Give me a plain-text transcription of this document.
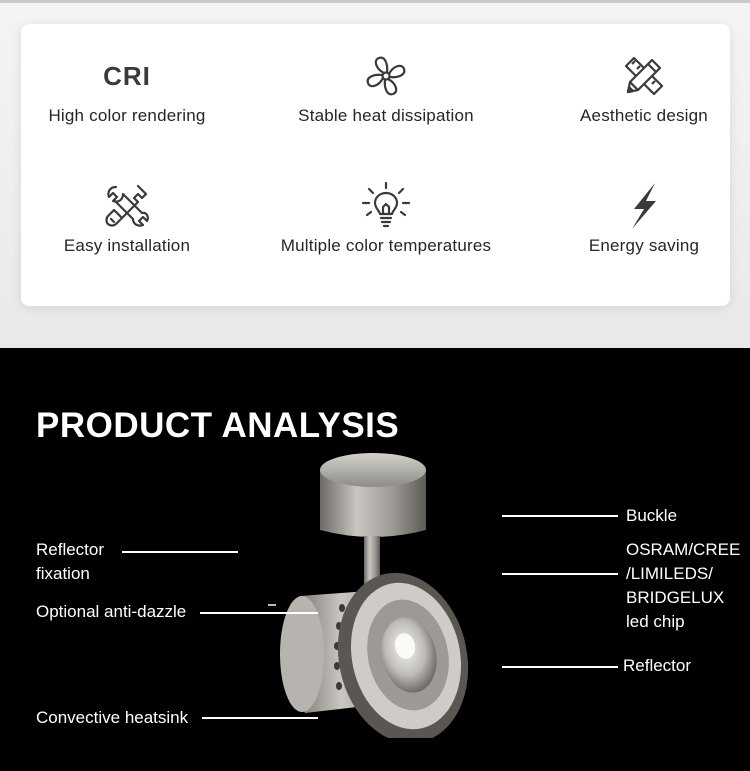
CRI
High color rendering	Stable heat dissipation	Aesthetic design
Easy installation	Multiple color temperatures	Energy saving
PRODUCT ANALYSIS
Reflector
fixation
Optional anti-dazzle
Convective heatsink
Buckle
OSRAM/CREE
/LIMILEDS/
BRIDGELUX
led chip
Reflector
